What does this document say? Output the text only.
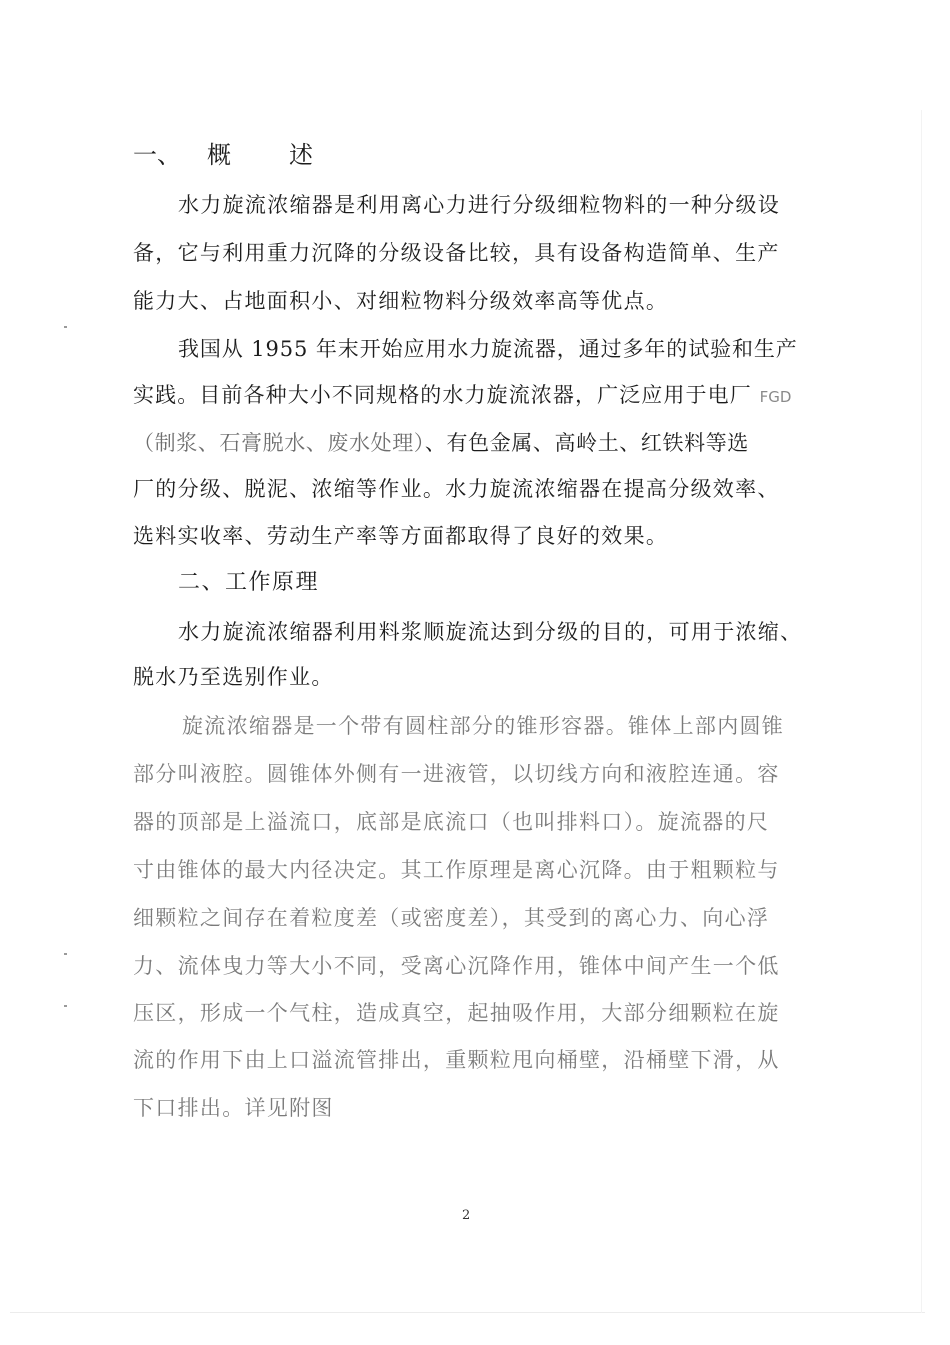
一、 概 述

水力旋流浓缩器是利用离心力进行分级细粒物料的一种分级设

备，它与利用重力沉降的分级设备比较，具有设备构造简单、生产

能力大、占地面积小、对细粒物料分级效率高等优点。

我国从 1955 年末开始应用水力旋流器，通过多年的试验和生产

实践。目前各种大小不同规格的水力旋流浓器，广泛应用于电厂 FGD

（制浆、石膏脱水、废水处理）、有色金属、高岭土、红铁料等选

厂的分级、脱泥、浓缩等作业。水力旋流浓缩器在提高分级效率、

选料实收率、劳动生产率等方面都取得了良好的效果。

二、工作原理

水力旋流浓缩器利用料浆顺旋流达到分级的目的，可用于浓缩、

脱水乃至选别作业。

旋流浓缩器是一个带有圆柱部分的锥形容器。锥体上部内圆锥

部分叫液腔。圆锥体外侧有一进液管，以切线方向和液腔连通。容

器的顶部是上溢流口，底部是底流口（也叫排料口）。旋流器的尺

寸由锥体的最大内径决定。其工作原理是离心沉降。由于粗颗粒与

细颗粒之间存在着粒度差（或密度差），其受到的离心力、向心浮

力、流体曳力等大小不同，受离心沉降作用，锥体中间产生一个低

压区，形成一个气柱，造成真空，起抽吸作用，大部分细颗粒在旋

流的作用下由上口溢流管排出，重颗粒甩向桶壁，沿桶壁下滑，从

下口排出。详见附图

2
